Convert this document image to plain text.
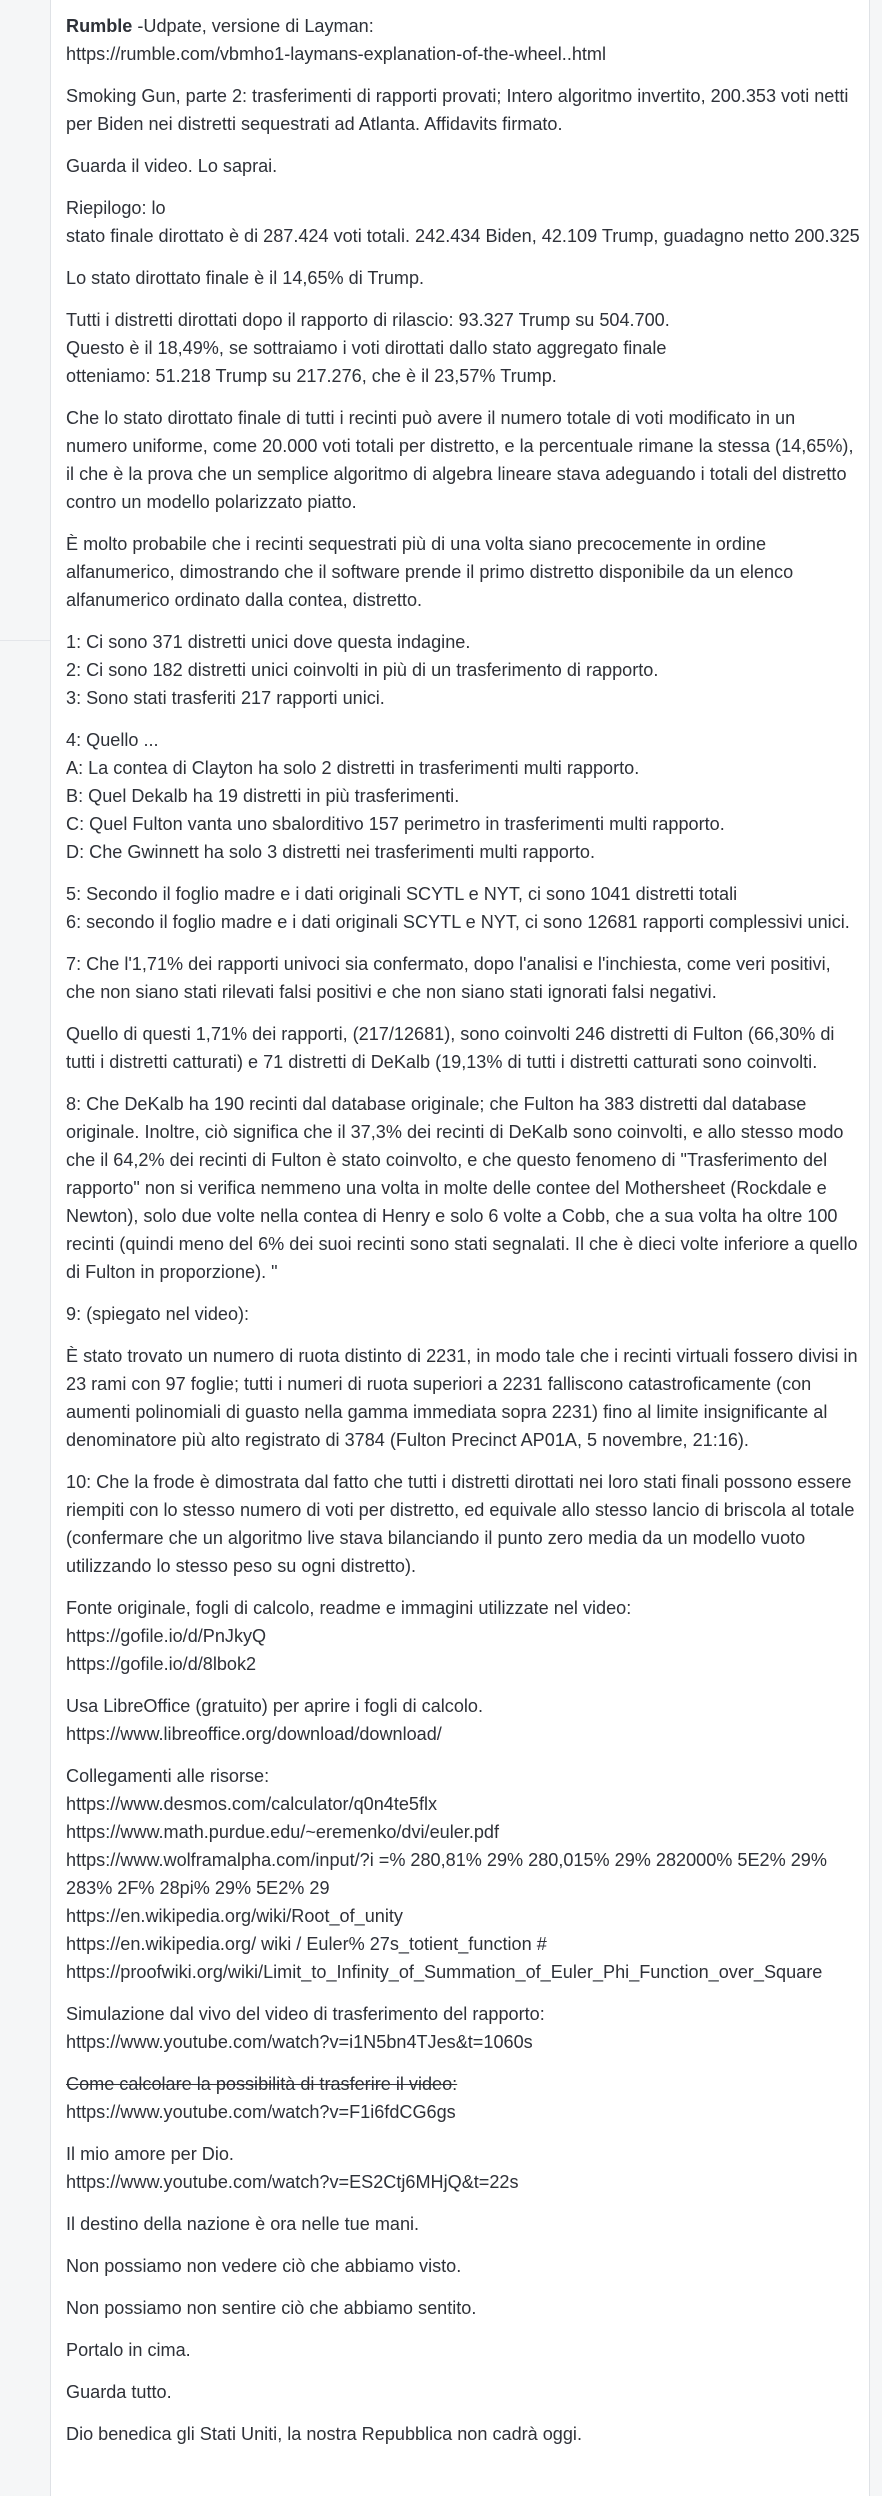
Rumble -Udpate, versione di Layman:
https://rumble.com/vbmho1-laymans-explanation-of-the-wheel..html

Smoking Gun, parte 2: trasferimenti di rapporti provati; Intero algoritmo invertito, 200.353 voti netti per Biden nei distretti sequestrati ad Atlanta. Affidavits firmato.

Guarda il video. Lo saprai.

Riepilogo: lo
stato finale dirottato è di 287.424 voti totali. 242.434 Biden, 42.109 Trump, guadagno netto 200.325

Lo stato dirottato finale è il 14,65% di Trump.

Tutti i distretti dirottati dopo il rapporto di rilascio: 93.327 Trump su 504.700.
Questo è il 18,49%, se sottraiamo i voti dirottati dallo stato aggregato finale
otteniamo: 51.218 Trump su 217.276, che è il 23,57% Trump.

Che lo stato dirottato finale di tutti i recinti può avere il numero totale di voti modificato in un numero uniforme, come 20.000 voti totali per distretto, e la percentuale rimane la stessa (14,65%), il che è la prova che un semplice algoritmo di algebra lineare stava adeguando i totali del distretto contro un modello polarizzato piatto.

È molto probabile che i recinti sequestrati più di una volta siano precocemente in ordine alfanumerico, dimostrando che il software prende il primo distretto disponibile da un elenco alfanumerico ordinato dalla contea, distretto.

1: Ci sono 371 distretti unici dove questa indagine.
2: Ci sono 182 distretti unici coinvolti in più di un trasferimento di rapporto.
3: Sono stati trasferiti 217 rapporti unici.

4: Quello ...
A: La contea di Clayton ha solo 2 distretti in trasferimenti multi rapporto.
B: Quel Dekalb ha 19 distretti in più trasferimenti.
C: Quel Fulton vanta uno sbalorditivo 157 perimetro in trasferimenti multi rapporto.
D: Che Gwinnett ha solo 3 distretti nei trasferimenti multi rapporto.

5: Secondo il foglio madre e i dati originali SCYTL e NYT, ci sono 1041 distretti totali
6: secondo il foglio madre e i dati originali SCYTL e NYT, ci sono 12681 rapporti complessivi unici.

7: Che l'1,71% dei rapporti univoci sia confermato, dopo l'analisi e l'inchiesta, come veri positivi, che non siano stati rilevati falsi positivi e che non siano stati ignorati falsi negativi.

Quello di questi 1,71% dei rapporti, (217/12681), sono coinvolti 246 distretti di Fulton (66,30% di tutti i distretti catturati) e 71 distretti di DeKalb (19,13% di tutti i distretti catturati sono coinvolti.

8: Che DeKalb ha 190 recinti dal database originale; che Fulton ha 383 distretti dal database originale. Inoltre, ciò significa che il 37,3% dei recinti di DeKalb sono coinvolti, e allo stesso modo che il 64,2% dei recinti di Fulton è stato coinvolto, e che questo fenomeno di "Trasferimento del rapporto" non si verifica nemmeno una volta in molte delle contee del Mothersheet (Rockdale e Newton), solo due volte nella contea di Henry e solo 6 volte a Cobb, che a sua volta ha oltre 100 recinti (quindi meno del 6% dei suoi recinti sono stati segnalati. Il che è dieci volte inferiore a quello di Fulton in proporzione). "

9: (spiegato nel video):

È stato trovato un numero di ruota distinto di 2231, in modo tale che i recinti virtuali fossero divisi in 23 rami con 97 foglie; tutti i numeri di ruota superiori a 2231 falliscono catastroficamente (con aumenti polinomiali di guasto nella gamma immediata sopra 2231) fino al limite insignificante al denominatore più alto registrato di 3784 (Fulton Precinct AP01A, 5 novembre, 21:16).

10: Che la frode è dimostrata dal fatto che tutti i distretti dirottati nei loro stati finali possono essere riempiti con lo stesso numero di voti per distretto, ed equivale allo stesso lancio di briscola al totale (confermare che un algoritmo live stava bilanciando il punto zero media da un modello vuoto utilizzando lo stesso peso su ogni distretto).

Fonte originale, fogli di calcolo, readme e immagini utilizzate nel video:
https://gofile.io/d/PnJkyQ
https://gofile.io/d/8lbok2

Usa LibreOffice (gratuito) per aprire i fogli di calcolo.
https://www.libreoffice.org/download/download/

Collegamenti alle risorse:
https://www.desmos.com/calculator/q0n4te5flx
https://www.math.purdue.edu/~eremenko/dvi/euler.pdf
https://www.wolframalpha.com/input/?i =% 280,81% 29% 280,015% 29% 282000% 5E2% 29% 283% 2F% 28pi% 29% 5E2% 29
https://en.wikipedia.org/wiki/Root_of_unity
https://en.wikipedia.org/ wiki / Euler% 27s_totient_function #
https://proofwiki.org/wiki/Limit_to_Infinity_of_Summation_of_Euler_Phi_Function_over_Square

Simulazione dal vivo del video di trasferimento del rapporto:
https://www.youtube.com/watch?v=i1N5bn4TJes&t=1060s

Come calcolare la possibilità di trasferire il video:
https://www.youtube.com/watch?v=F1i6fdCG6gs

Il mio amore per Dio.
https://www.youtube.com/watch?v=ES2Ctj6MHjQ&t=22s

Il destino della nazione è ora nelle tue mani.

Non possiamo non vedere ciò che abbiamo visto.

Non possiamo non sentire ciò che abbiamo sentito.

Portalo in cima.

Guarda tutto.

Dio benedica gli Stati Uniti, la nostra Repubblica non cadrà oggi.
